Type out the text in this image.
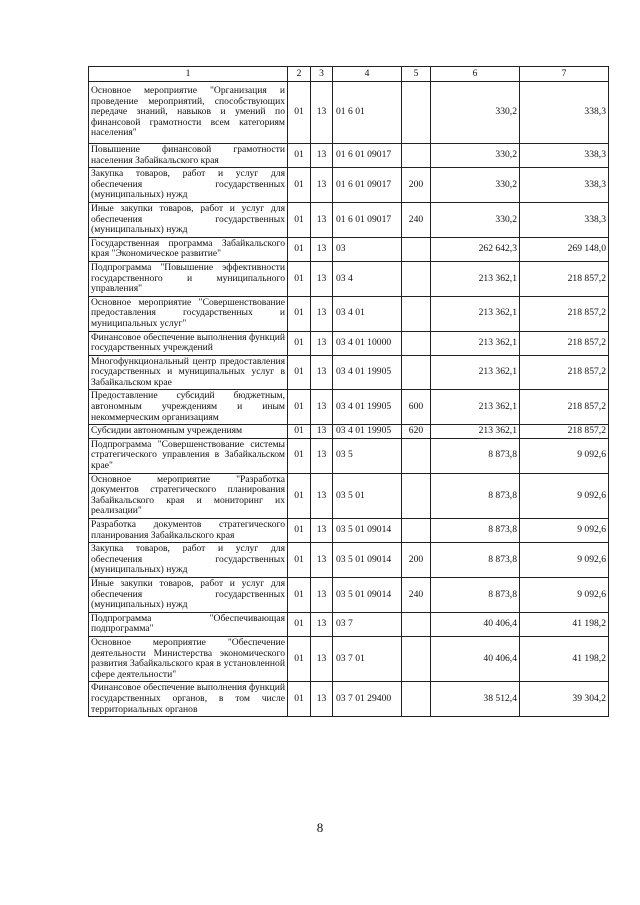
1	2	3	4	5	6	7
Основное мероприятие "Организация и проведение мероприятий, способствующих передаче знаний, навыков и умений по финансовой грамотности всем категориям населения"	01	13	01 6 01		330,2	338,3
Повышение финансовой грамотности населения Забайкальского края	01	13	01 6 01 09017		330,2	338,3
Закупка товаров, работ и услуг для обеспечения государственных (муниципальных) нужд	01	13	01 6 01 09017	200	330,2	338,3
Иные закупки товаров, работ и услуг для обеспечения государственных (муниципальных) нужд	01	13	01 6 01 09017	240	330,2	338,3
Государственная программа Забайкальского края "Экономическое развитие"	01	13	03		262 642,3	269 148,0
Подпрограмма "Повышение эффективности государственного и муниципального управления"	01	13	03 4		213 362,1	218 857,2
Основное мероприятие "Совершенствование предоставления государственных и муниципальных услуг"	01	13	03 4 01		213 362,1	218 857,2
Финансовое обеспечение выполнения функций государственных учреждений	01	13	03 4 01 10000		213 362,1	218 857,2
Многофункциональный центр предоставления государственных и муниципальных услуг в Забайкальском крае	01	13	03 4 01 19905		213 362,1	218 857,2
Предоставление субсидий бюджетным, автономным учреждениям и иным некоммерческим организациям	01	13	03 4 01 19905	600	213 362,1	218 857,2
Субсидии автономным учреждениям	01	13	03 4 01 19905	620	213 362,1	218 857,2
Подпрограмма "Совершенствование системы стратегического управления в Забайкальском крае"	01	13	03 5		8 873,8	9 092,6
Основное мероприятие "Разработка документов стратегического планирования Забайкальского края и мониторинг их реализации"	01	13	03 5 01		8 873,8	9 092,6
Разработка документов стратегического планирования Забайкальского края	01	13	03 5 01 09014		8 873,8	9 092,6
Закупка товаров, работ и услуг для обеспечения государственных (муниципальных) нужд	01	13	03 5 01 09014	200	8 873,8	9 092,6
Иные закупки товаров, работ и услуг для обеспечения государственных (муниципальных) нужд	01	13	03 5 01 09014	240	8 873,8	9 092,6
Подпрограмма "Обеспечивающая подпрограмма"	01	13	03 7		40 406,4	41 198,2
Основное мероприятие "Обеспечение деятельности Министерства экономического развития Забайкальского края в установленной сфере деятельности"	01	13	03 7 01		40 406,4	41 198,2
Финансовое обеспечение выполнения функций государственных органов, в том числе территориальных органов	01	13	03 7 01 29400		38 512,4	39 304,2
8
